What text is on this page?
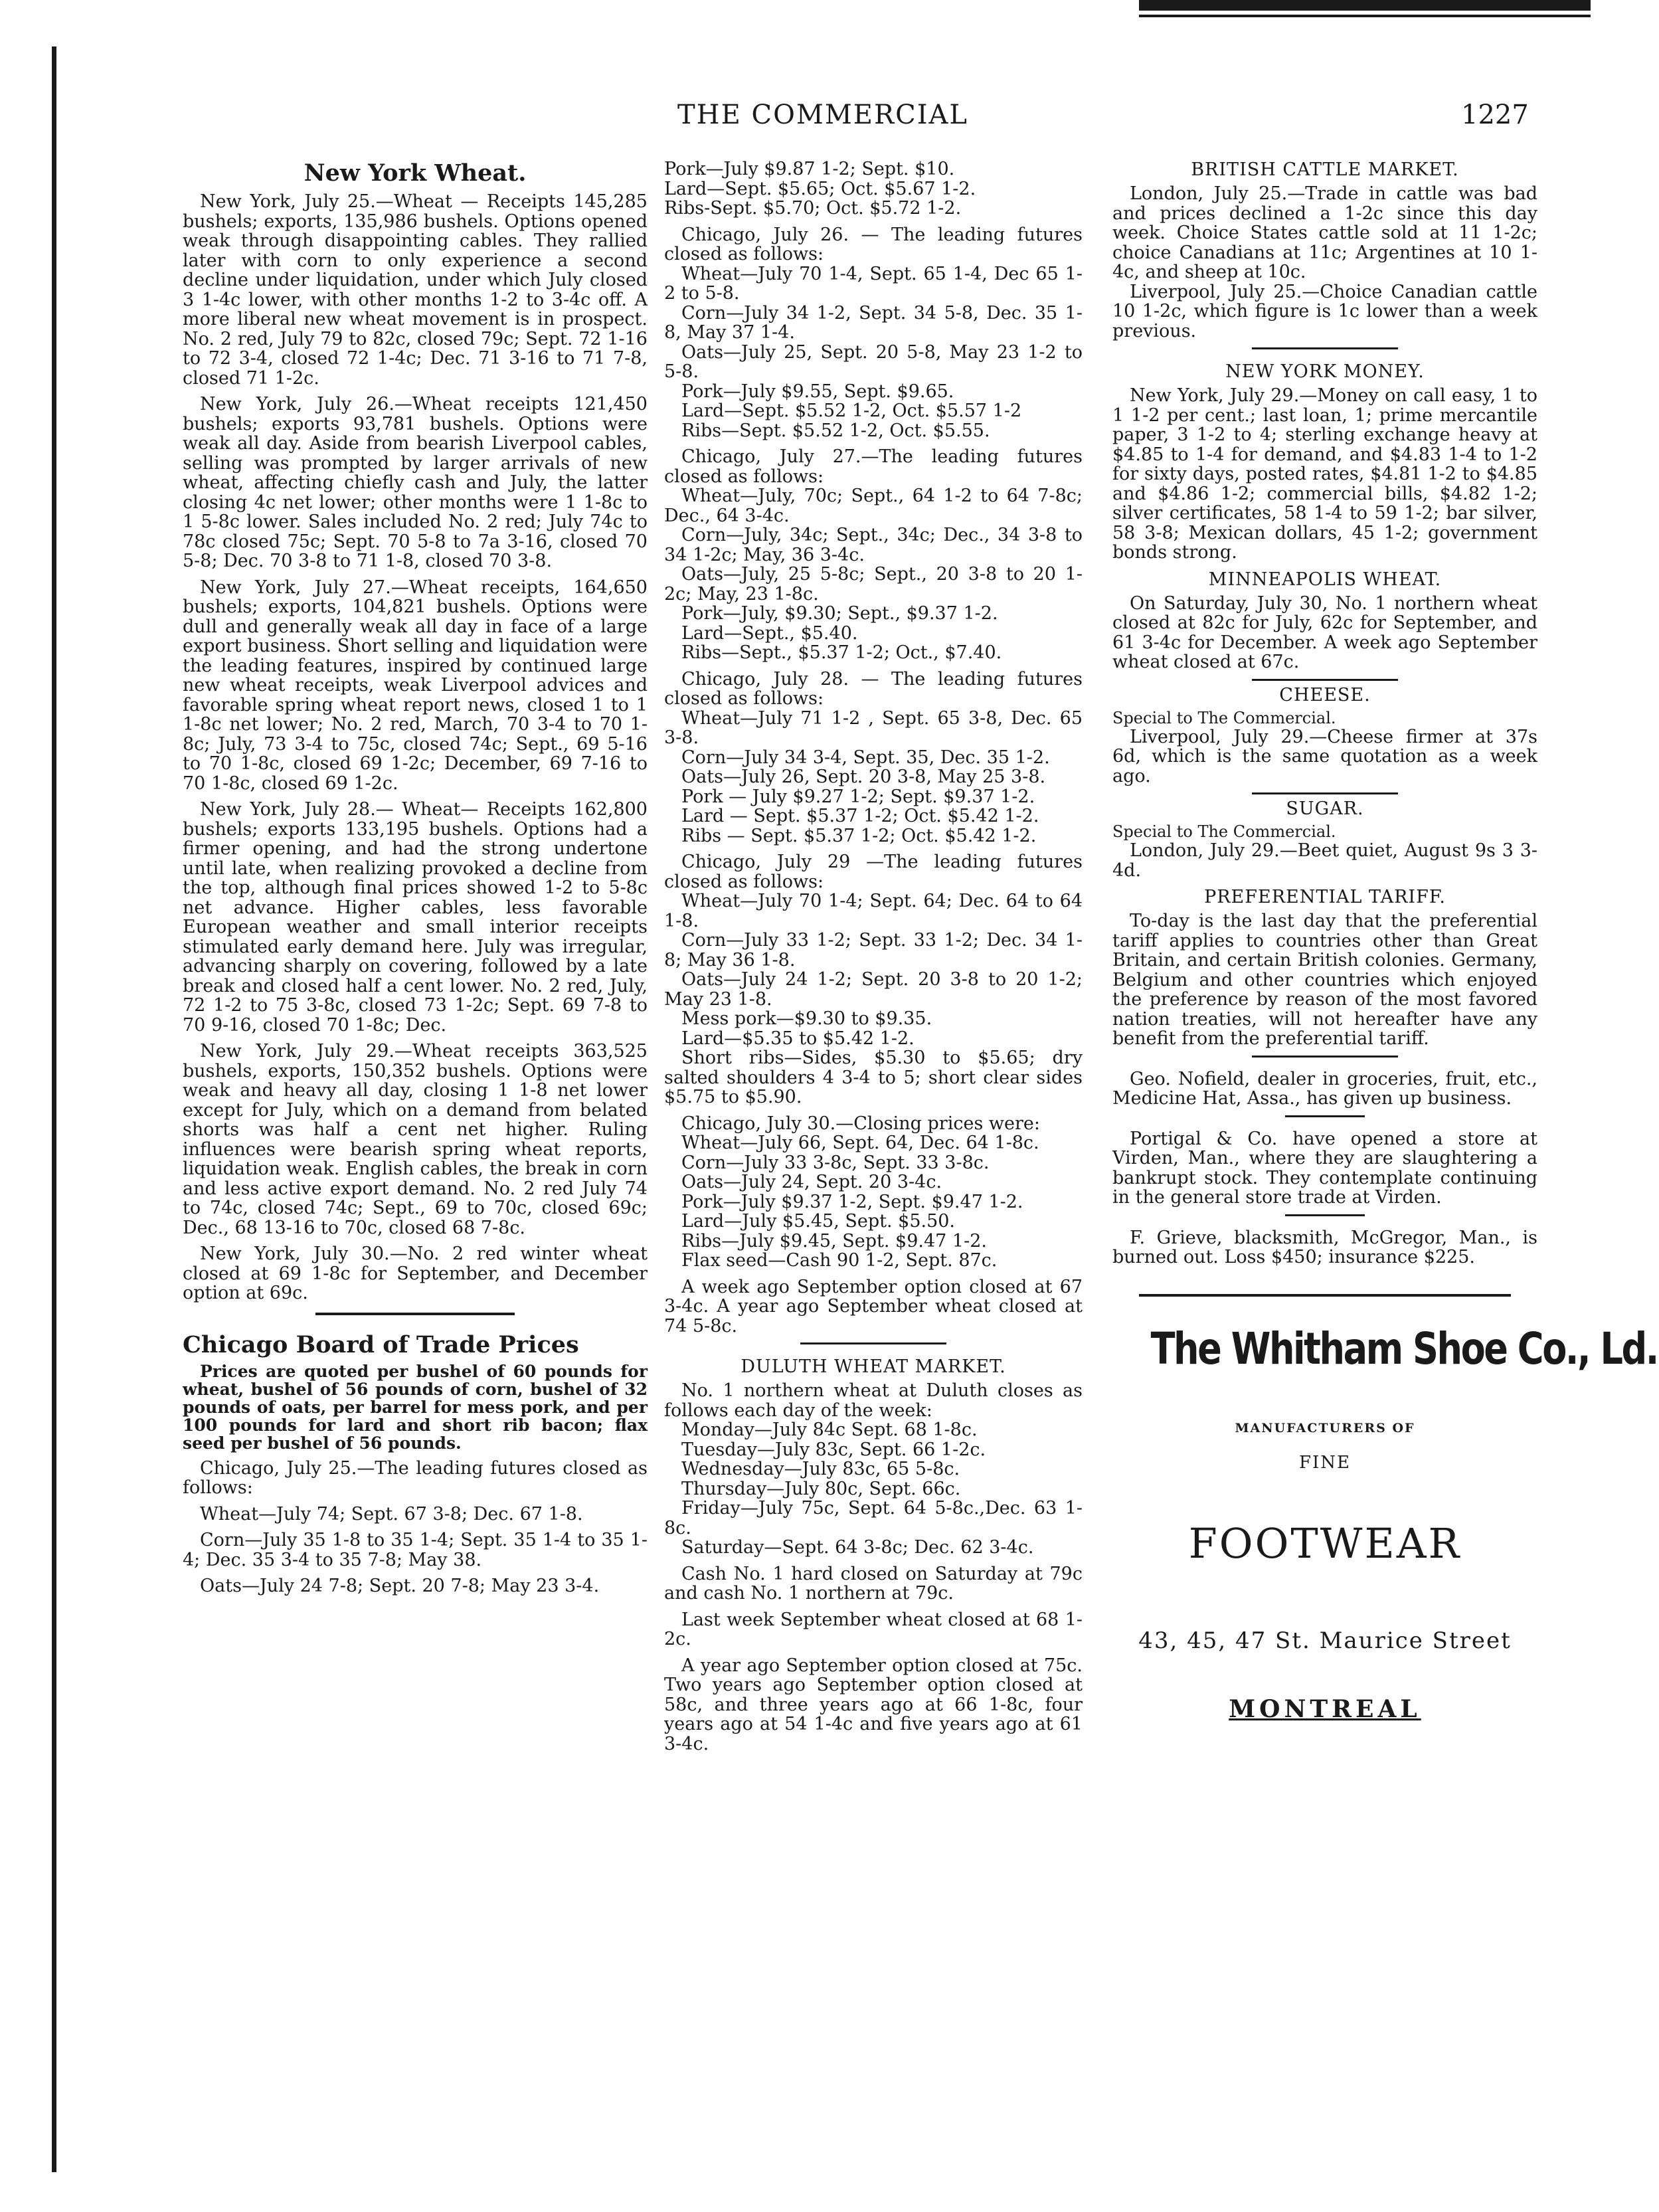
THE COMMERCIAL	1227
New York Wheat.

New York, July 25.—Wheat — Receipts 145,285 bushels; exports, 135,986 bushels. Options opened weak through disappointing cables. They rallied later with corn to only experience a second decline under liquidation, under which July closed 3 1-4c lower, with other months 1-2 to 3-4c off. A more liberal new wheat movement is in prospect. No. 2 red, July 79 to 82c, closed 79c; Sept. 72 1-16 to 72 3-4, closed 72 1-4c; Dec. 71 3-16 to 71 7-8, closed 71 1-2c.

New York, July 26.—Wheat receipts 121,450 bushels; exports 93,781 bushels. Options were weak all day. Aside from bearish Liverpool cables, selling was prompted by larger arrivals of new wheat, affecting chiefly cash and July, the latter closing 4c net lower; other months were 1 1-8c to 1 5-8c lower. Sales included No. 2 red; July 74c to 78c closed 75c; Sept. 70 5-8 to 7a 3-16, closed 70 5-8; Dec. 70 3-8 to 71 1-8, closed 70 3-8.

New York, July 27.—Wheat receipts, 164,650 bushels; exports, 104,821 bushels. Options were dull and generally weak all day in face of a large export business. Short selling and liquidation were the leading features, inspired by continued large new wheat receipts, weak Liverpool advices and favorable spring wheat report news, closed 1 to 1 1-8c net lower; No. 2 red, March, 70 3-4 to 70 1-8c; July, 73 3-4 to 75c, closed 74c; Sept., 69 5-16 to 70 1-8c, closed 69 1-2c; December, 69 7-16 to 70 1-8c, closed 69 1-2c.

New York, July 28.— Wheat— Receipts 162,800 bushels; exports 133,195 bushels. Options had a firmer opening, and had the strong undertone until late, when realizing provoked a decline from the top, although final prices showed 1-2 to 5-8c net advance. Higher cables, less favorable European weather and small interior receipts stimulated early demand here. July was irregular, advancing sharply on covering, followed by a late break and closed half a cent lower. No. 2 red, July, 72 1-2 to 75 3-8c, closed 73 1-2c; Sept. 69 7-8 to 70 9-16, closed 70 1-8c; Dec.

New York, July 29.—Wheat receipts 363,525 bushels, exports, 150,352 bushels. Options were weak and heavy all day, closing 1 1-8 net lower except for July, which on a demand from belated shorts was half a cent net higher. Ruling influences were bearish spring wheat reports, liquidation weak. English cables, the break in corn and less active export demand. No. 2 red July 74 to 74c, closed 74c; Sept., 69 to 70c, closed 69c; Dec., 68 13-16 to 70c, closed 68 7-8c.

New York, July 30.—No. 2 red winter wheat closed at 69 1-8c for September, and December option at 69c.

Chicago Board of Trade Prices

Prices are quoted per bushel of 60 pounds for wheat, bushel of 56 pounds of corn, bushel of 32 pounds of oats, per barrel for mess pork, and per 100 pounds for lard and short rib bacon; flax seed per bushel of 56 pounds.

Chicago, July 25.—The leading futures closed as follows:

Wheat—July 74; Sept. 67 3-8; Dec. 67 1-8.

Corn—July 35 1-8 to 35 1-4; Sept. 35 1-4 to 35 1-4; Dec. 35 3-4 to 35 7-8; May 38.

Oats—July 24 7-8; Sept. 20 7-8; May 23 3-4.

Pork—July $9.87 1-2; Sept. $10.

Lard—Sept. $5.65; Oct. $5.67 1-2.

Ribs-Sept. $5.70; Oct. $5.72 1-2.

Chicago, July 26. — The leading futures closed as follows:

Wheat—July 70 1-4, Sept. 65 1-4, Dec 65 1-2 to 5-8.

Corn—July 34 1-2, Sept. 34 5-8, Dec. 35 1-8, May 37 1-4.

Oats—July 25, Sept. 20 5-8, May 23 1-2 to 5-8.

Pork—July $9.55, Sept. $9.65.

Lard—Sept. $5.52 1-2, Oct. $5.57 1-2

Ribs—Sept. $5.52 1-2, Oct. $5.55.

Chicago, July 27.—The leading futures closed as follows:

Wheat—July, 70c; Sept., 64 1-2 to 64 7-8c; Dec., 64 3-4c.

Corn—July, 34c; Sept., 34c; Dec., 34 3-8 to 34 1-2c; May, 36 3-4c.

Oats—July, 25 5-8c; Sept., 20 3-8 to 20 1-2c; May, 23 1-8c.

Pork—July, $9.30; Sept., $9.37 1-2.

Lard—Sept., $5.40.

Ribs—Sept., $5.37 1-2; Oct., $7.40.

Chicago, July 28. — The leading futures closed as follows:

Wheat—July 71 1-2 , Sept. 65 3-8, Dec. 65 3-8.

Corn—July 34 3-4, Sept. 35, Dec. 35 1-2.

Oats—July 26, Sept. 20 3-8, May 25 3-8.

Pork — July $9.27 1-2; Sept. $9.37 1-2.

Lard — Sept. $5.37 1-2; Oct. $5.42 1-2.

Ribs — Sept. $5.37 1-2; Oct. $5.42 1-2.

Chicago, July 29 —The leading futures closed as follows:

Wheat—July 70 1-4; Sept. 64; Dec. 64 to 64 1-8.

Corn—July 33 1-2; Sept. 33 1-2; Dec. 34 1-8; May 36 1-8.

Oats—July 24 1-2; Sept. 20 3-8 to 20 1-2; May 23 1-8.

Mess pork—$9.30 to $9.35.

Lard—$5.35 to $5.42 1-2.

Short ribs—Sides, $5.30 to $5.65; dry salted shoulders 4 3-4 to 5; short clear sides $5.75 to $5.90.

Chicago, July 30.—Closing prices were:

Wheat—July 66, Sept. 64, Dec. 64 1-8c.

Corn—July 33 3-8c, Sept. 33 3-8c.

Oats—July 24, Sept. 20 3-4c.

Pork—July $9.37 1-2, Sept. $9.47 1-2.

Lard—July $5.45, Sept. $5.50.

Ribs—July $9.45, Sept. $9.47 1-2.

Flax seed—Cash 90 1-2, Sept. 87c.

A week ago September option closed at 67 3-4c. A year ago September wheat closed at 74 5-8c.

DULUTH WHEAT MARKET.

No. 1 northern wheat at Duluth closes as follows each day of the week:

Monday—July 84c Sept. 68 1-8c.

Tuesday—July 83c, Sept. 66 1-2c.

Wednesday—July 83c, 65 5-8c.

Thursday—July 80c, Sept. 66c.

Friday—July 75c, Sept. 64 5-8c.,Dec. 63 1-8c.

Saturday—Sept. 64 3-8c; Dec. 62 3-4c.

Cash No. 1 hard closed on Saturday at 79c and cash No. 1 northern at 79c.

Last week September wheat closed at 68 1-2c.

A year ago September option closed at 75c. Two years ago September option closed at 58c, and three years ago at 66 1-8c, four years ago at 54 1-4c and five years ago at 61 3-4c.

BRITISH CATTLE MARKET.

London, July 25.—Trade in cattle was bad and prices declined a 1-2c since this day week. Choice States cattle sold at 11 1-2c; choice Canadians at 11c; Argentines at 10 1-4c, and sheep at 10c.

Liverpool, July 25.—Choice Canadian cattle 10 1-2c, which figure is 1c lower than a week previous.

NEW YORK MONEY.

New York, July 29.—Money on call easy, 1 to 1 1-2 per cent.; last loan, 1; prime mercantile paper, 3 1-2 to 4; sterling exchange heavy at $4.85 to 1-4 for demand, and $4.83 1-4 to 1-2 for sixty days, posted rates, $4.81 1-2 to $4.85 and $4.86 1-2; commercial bills, $4.82 1-2; silver certificates, 58 1-4 to 59 1-2; bar silver, 58 3-8; Mexican dollars, 45 1-2; government bonds strong.

MINNEAPOLIS WHEAT.

On Saturday, July 30, No. 1 northern wheat closed at 82c for July, 62c for September, and 61 3-4c for December. A week ago September wheat closed at 67c.

CHEESE.

Special to The Commercial.

Liverpool, July 29.—Cheese firmer at 37s 6d, which is the same quotation as a week ago.

SUGAR.

Special to The Commercial.

London, July 29.—Beet quiet, August 9s 3 3-4d.

PREFERENTIAL TARIFF.

To-day is the last day that the preferential tariff applies to countries other than Great Britain, and certain British colonies. Germany, Belgium and other countries which enjoyed the preference by reason of the most favored nation treaties, will not hereafter have any benefit from the preferential tariff.

Geo. Nofield, dealer in groceries, fruit, etc., Medicine Hat, Assa., has given up business.

Portigal & Co. have opened a store at Virden, Man., where they are slaughtering a bankrupt stock. They contemplate continuing in the general store trade at Virden.

F. Grieve, blacksmith, McGregor, Man., is burned out. Loss $450; insurance $225.

The Whitham Shoe Co., Ld.
MANUFACTURERS OF
FINE
FOOTWEAR
43, 45, 47 St. Maurice Street
MONTREAL
